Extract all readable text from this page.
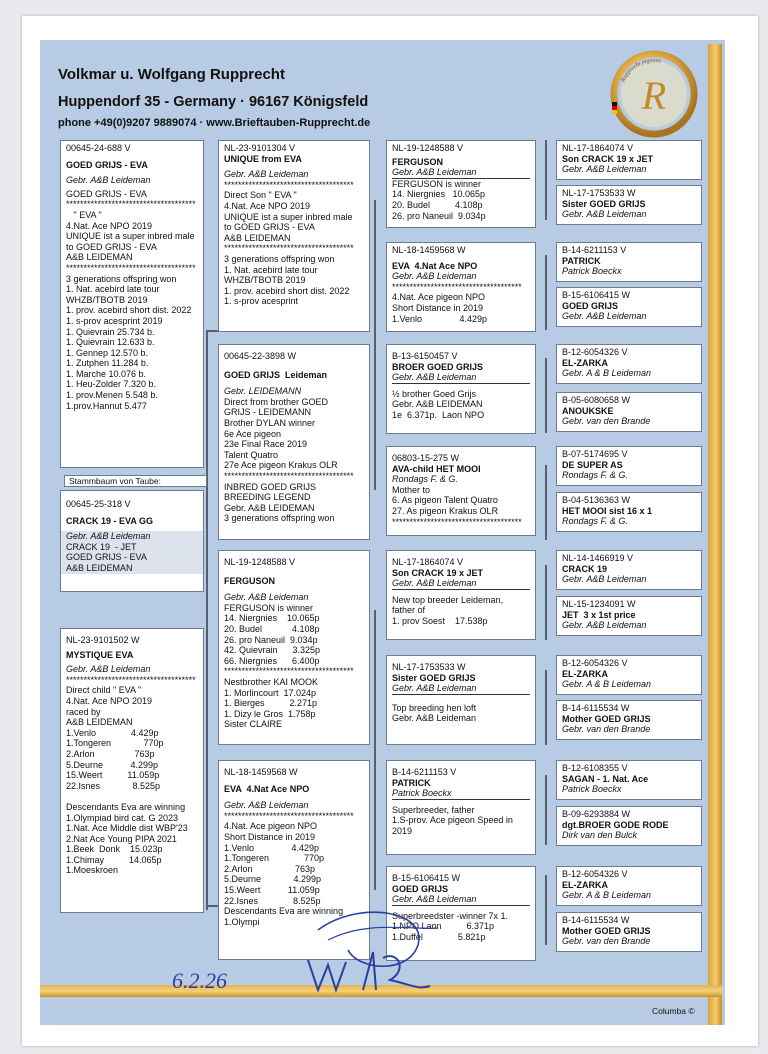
Volkmar u. Wolfgang Rupprecht
Huppendorf 35 - Germany · 96167 Königsfeld
phone +49(0)9207 9889074 · www.Brieftauben-Rupprecht.de
Rupprecht pigeons
R
00645-24-688 V
GOED GRIJS - EVA
Gebr. A&B Leideman
GOED GRIJS - EVA
*************************************
" EVA "
4.Nat. Ace NPO 2019
UNIQUE ist a super inbred male
to GOED GRIJS - EVA
A&B LEIDEMAN
*************************************
3 generations offspring won
1. Nat. acebird late tour
WHZB/TBOTB 2019
1. prov. acebird short dist. 2022
1. s-prov acesprint 2019
1. Quievrain 25.734 b.
1. Quievrain 12.633 b.
1. Gennep 12.570 b.
1. Zutphen 11.284 b.
1. Marche 10.076 b.
1. Heu-Zolder 7.320 b.
1. prov.Menen 5.548 b.
1.prov.Hannut 5.477
Stammbaum von Taube:
00645-25-318 V
CRACK 19 - EVA GG
Gebr. A&B Leideman
CRACK 19  - JET
GOED GRIJS - EVA
A&B LEIDEMAN
NL-23-9101502 W
MYSTIQUE EVA
Gebr. A&B Leideman
*************************************
Direct child " EVA "
4.Nat. Ace NPO 2019
raced by
A&B LEIDEMAN
1.Venlo              4.429p
1.Tongeren             770p
2.Arlon                763p
5.Deurne           4.299p
15.Weert          11.059p
22.Isnes             8.525p

Descendants Eva are winning
1.Olympiad bird cat. G 2023
1.Nat. Ace Middle dist WBP'23
2.Nat Ace Young PIPA 2021
1.Beek  Donk    15.023p
1.Chimay          14.065p
1.Moeskroen
NL-23-9101304 V
UNIQUE from EVA
Gebr. A&B Leideman
*************************************
Direct Son " EVA "
4.Nat. Ace NPO 2019
UNIQUE ist a super inbred male
to GOED GRIJS - EVA
A&B LEIDEMAN
*************************************
3 generations offspring won
1. Nat. acebird late tour
WHZB/TBOTB 2019
1. prov. acebird short dist. 2022
1. s-prov acesprint
00645-22-3898 W
GOED GRIJS  Leideman
Gebr. LEIDEMANN
Direct from brother GOED
GRIJS - LEIDEMANN
Brother DYLAN winner
6e Ace pigeon
23e Final Race 2019
Talent Quatro
27e Ace pigeon Krakus OLR
*************************************
INBRED GOED GRIJS
BREEDING LEGEND
Gebr. A&B LEIDEMAN
3 generations offspring won
NL-19-1248588 V
FERGUSON
Gebr. A&B Leideman
FERGUSON is winner
14. Niergnies    10.065p
20. Budel            4.108p
26. pro Naneuil  9.034p
42. Quievrain      3.325p
66. Niergnies      6.400p
*************************************
Nestbrother KAI MOOK
1. Morlincourt  17.024p
1. Bierges          2.271p
1. Dizy le Gros  1.758p
Sister CLAIRE
NL-18-1459568 W
EVA  4.Nat Ace NPO
Gebr. A&B Leideman
*************************************
4.Nat. Ace pigeon NPO
Short Distance in 2019
1.Venlo               4.429p
1.Tongeren              770p
2.Arlon                 763p
5.Deurne             4.299p
15.Weert           11.059p
22.Isnes              8.525p
Descendants Eva are winning
1.Olympi
NL-19-1248588 V
FERGUSON
Gebr. A&B Leideman
FERGUSON is winner
14. Niergnies   10.065p
20. Budel          4.108p
26. pro Naneuil  9.034p
NL-18-1459568 W
EVA  4.Nat Ace NPO
Gebr. A&B Leideman
*************************************
4.Nat. Ace pigeon NPO
Short Distance in 2019
1.Venlo               4.429p
B-13-6150457 V
BROER GOED GRIJS
Gebr. A&B Leideman
½ brother Goed Grijs
Gebr. A&B LEIDEMAN
1e  6.371p.  Laon NPO
06803-15-275 W
AVA-child HET MOOI
Rondags F. & G.
Mother to
6. As pigeon Talent Quatro
27. As pigeon Krakus OLR
*************************************
NL-17-1864074 V
Son CRACK 19 x JET
Gebr. A&B Leideman
New top breeder Leideman,
father of
1. prov Soest    17.538p
NL-17-1753533 W
Sister GOED GRIJS
Gebr. A&B Leideman
Top breeding hen loft
Gebr. A&B Leideman
B-14-6211153 V
PATRICK
Patrick Boeckx
Superbreeder, father
1.S-prov. Ace pigeon Speed in
2019
B-15-6106415 W
GOED GRIJS
Gebr. A&B Leideman
Superbreedster -winner 7x 1.
1.NPO Laon          6.371p
1.Duffel              5.821p
NL-17-1864074 V
Son CRACK 19 x JET
Gebr. A&B Leideman
NL-17-1753533 W
Sister GOED GRIJS
Gebr. A&B Leideman
B-14-6211153 V
PATRICK
Patrick Boeckx
B-15-6106415 W
GOED GRIJS
Gebr. A&B Leideman
B-12-6054326 V
EL-ZARKA
Gebr. A & B Leideman
B-05-6080658 W
ANOUKSKE
Gebr. van den Brande
B-07-5174695 V
DE SUPER AS
Rondags F. & G.
B-04-5136363 W
HET MOOI sist 16 x 1
Rondags F. & G.
NL-14-1466919 V
CRACK 19
Gebr. A&B Leideman
NL-15-1234091 W
JET  3 x 1st price
Gebr. A&B Leideman
B-12-6054326 V
EL-ZARKA
Gebr. A & B Leideman
B-14-6115534 W
Mother GOED GRIJS
Gebr. van den Brande
B-12-6108355 V
SAGAN - 1. Nat. Ace
Patrick Boeckx
B-09-6293884 W
dgt.BROER GODE RODE
Dirk van den Bulck
B-12-6054326 V
EL-ZARKA
Gebr. A & B Leideman
B-14-6115534 W
Mother GOED GRIJS
Gebr. van den Brande
Columba ©
6.2.26
